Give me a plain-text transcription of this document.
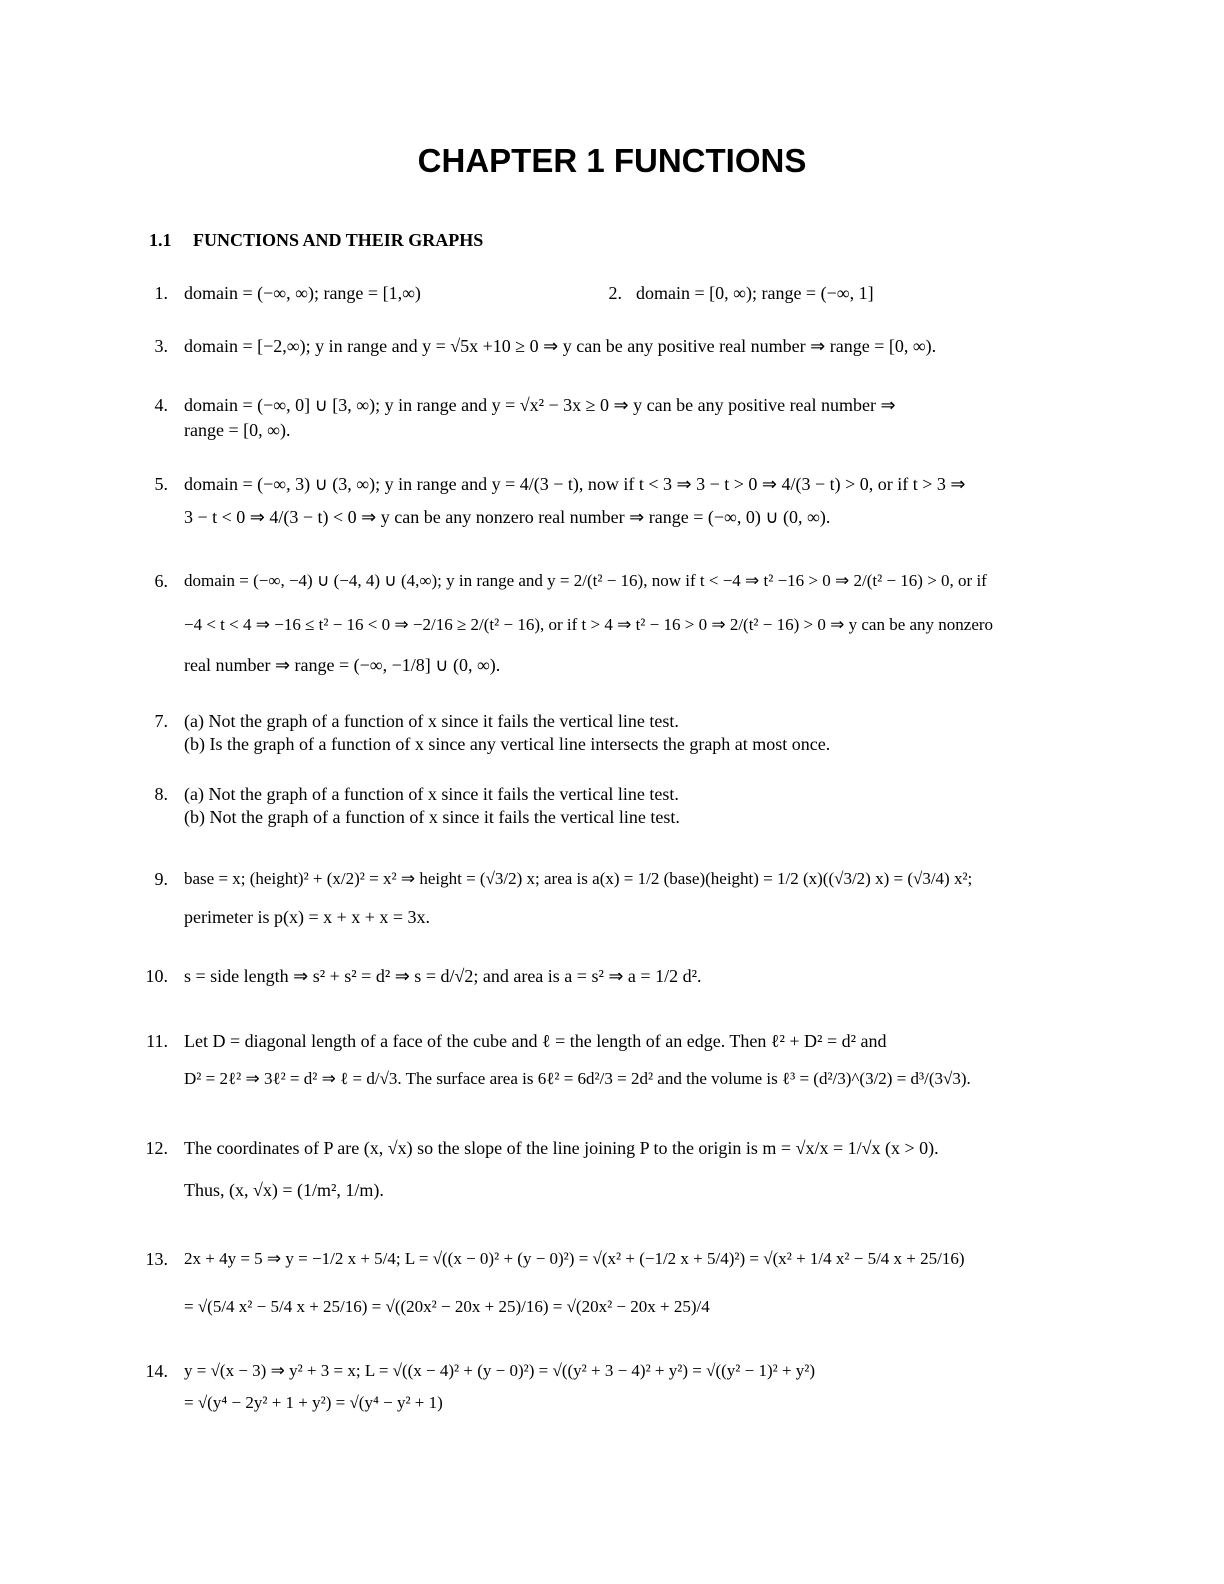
CHAPTER 1 FUNCTIONS
1.1 FUNCTIONS AND THEIR GRAPHS
1. domain = (−∞, ∞); range = [1,∞)	2. domain = [0, ∞); range = (−∞, 1]
3. domain = [−2,∞); y in range and y = √5x +10 ≥ 0 ⇒ y can be any positive real number ⇒ range = [0, ∞).
4. domain = (−∞, 0] ∪ [3, ∞); y in range and y = √x² − 3x ≥ 0 ⇒ y can be any positive real number ⇒
range = [0, ∞).
5. domain = (−∞, 3) ∪ (3, ∞); y in range and y = 4/(3 − t), now if t < 3 ⇒ 3 − t > 0 ⇒ 4/(3 − t) > 0, or if t > 3 ⇒
3 − t < 0 ⇒ 4/(3 − t) < 0 ⇒ y can be any nonzero real number ⇒ range = (−∞, 0) ∪ (0, ∞).
6. domain = (−∞, −4) ∪ (−4, 4) ∪ (4,∞); y in range and y = 2/(t² − 16), now if t < −4 ⇒ t² −16 > 0 ⇒ 2/(t² − 16) > 0, or if
−4 < t < 4 ⇒ −16 ≤ t² − 16 < 0 ⇒ −2/16 ≥ 2/(t² − 16), or if t > 4 ⇒ t² − 16 > 0 ⇒ 2/(t² − 16) > 0 ⇒ y can be any nonzero
real number ⇒ range = (−∞, −1/8] ∪ (0, ∞).
7. (a) Not the graph of a function of x since it fails the vertical line test.
(b) Is the graph of a function of x since any vertical line intersects the graph at most once.
8. (a) Not the graph of a function of x since it fails the vertical line test.
(b) Not the graph of a function of x since it fails the vertical line test.
9. base = x; (height)² + (x/2)² = x² ⇒ height = (√3/2) x; area is a(x) = 1/2 (base)(height) = 1/2 (x)((√3/2) x) = (√3/4) x²;
perimeter is p(x) = x + x + x = 3x.
10. s = side length ⇒ s² + s² = d² ⇒ s = d/√2; and area is a = s² ⇒ a = 1/2 d².
11. Let D = diagonal length of a face of the cube and ℓ = the length of an edge. Then ℓ² + D² = d² and
D² = 2ℓ² ⇒ 3ℓ² = d² ⇒ ℓ = d/√3. The surface area is 6ℓ² = 6d²/3 = 2d² and the volume is ℓ³ = (d²/3)^(3/2) = d³/(3√3).
12. The coordinates of P are (x, √x) so the slope of the line joining P to the origin is m = √x/x = 1/√x (x > 0).
Thus, (x, √x) = (1/m², 1/m).
13. 2x + 4y = 5 ⇒ y = −1/2 x + 5/4; L = √((x − 0)² + (y − 0)²) = √(x² + (−1/2 x + 5/4)²) = √(x² + 1/4 x² − 5/4 x + 25/16)
= √(5/4 x² − 5/4 x + 25/16) = √((20x² − 20x + 25)/16) = √(20x² − 20x + 25)/4
14. y = √(x − 3) ⇒ y² + 3 = x; L = √((x − 4)² + (y − 0)²) = √((y² + 3 − 4)² + y²) = √((y² − 1)² + y²)
= √(y⁴ − 2y² + 1 + y²) = √(y⁴ − y² + 1)
